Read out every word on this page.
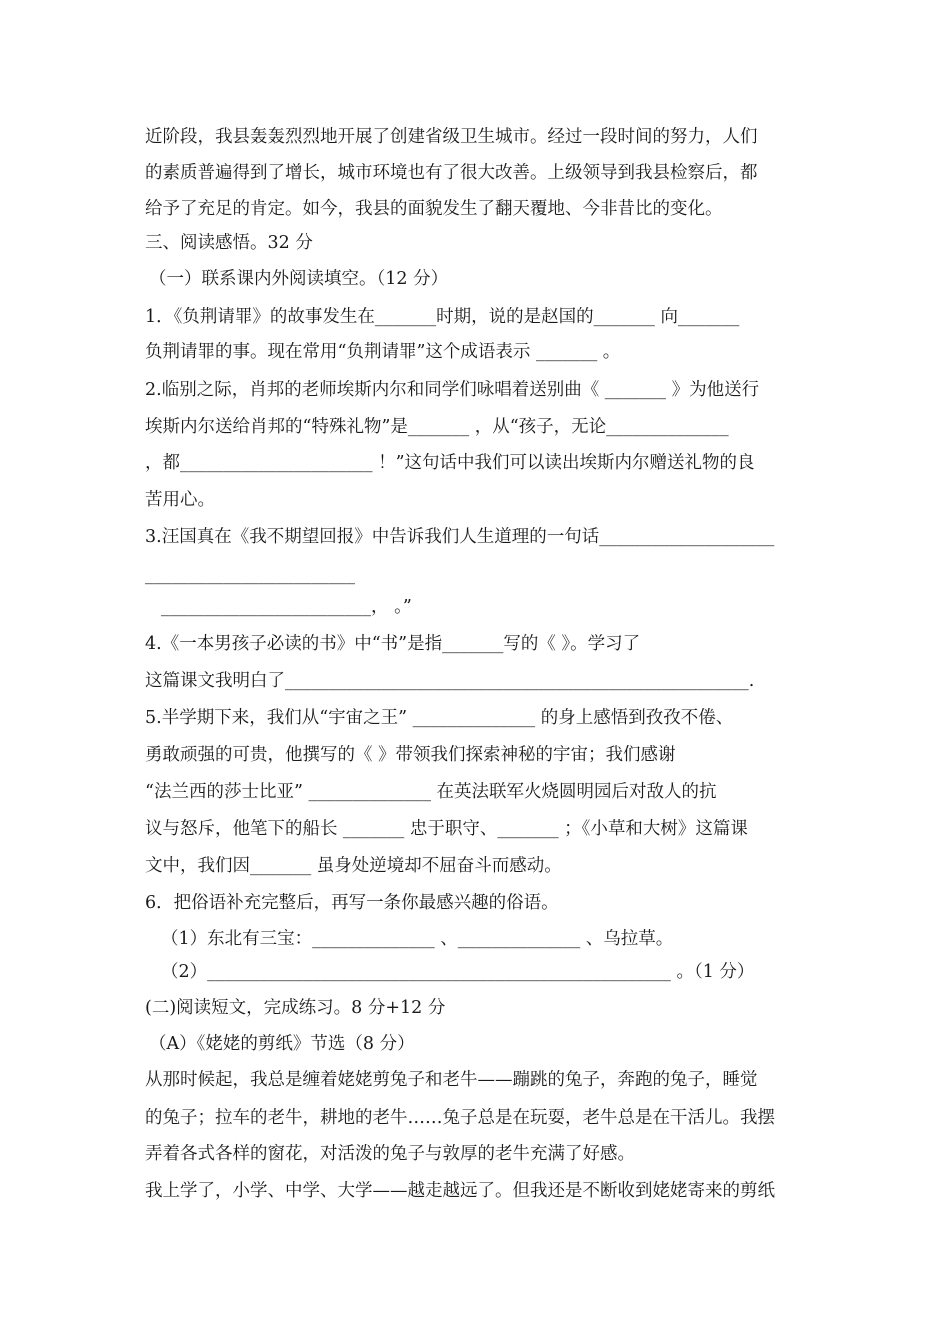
近阶段，我县轰轰烈烈地开展了创建省级卫生城市。经过一段时间的努力，人们
的素质普遍得到了增长，城市环境也有了很大改善。上级领导到我县检察后，都
给予了充足的肯定。如今，我县的面貌发生了翻天覆地、今非昔比的变化。
三、阅读感悟。32 分
（一）联系课内外阅读填空。（12 分）
1．《负荆请罪》的故事发生在_______时期，说的是赵国的_______ 向_______
负荆请罪的事。现在常用“负荆请罪”这个成语表示 _______ 。
2.临别之际，肖邦的老师埃斯内尔和同学们咏唱着送别曲《 _______ 》为他送行
埃斯内尔送给肖邦的“特殊礼物”是_______ ，从“孩子，无论______________
，都______________________ ！”这句话中我们可以读出埃斯内尔赠送礼物的良
苦用心。
3.汪国真在《我不期望回报》中告诉我们人生道理的一句话____________________
________________________
________________________， 。”
4.《一本男孩子必读的书》中“书”是指_______写的《 》。学习了
这篇课文我明白了_____________________________________________________.
5.半学期下来，我们从“宇宙之王” ______________ 的身上感悟到孜孜不倦、
勇敢顽强的可贵，他撰写的《 》带领我们探索神秘的宇宙；我们感谢
“法兰西的莎士比亚” ______________ 在英法联军火烧圆明园后对敌人的抗
议与怒斥，他笔下的船长 _______ 忠于职守、_______ ；《小草和大树》这篇课
文中，我们因_______ 虽身处逆境却不屈奋斗而感动。
6．把俗语补充完整后，再写一条你最感兴趣的俗语。
（1）东北有三宝：______________ 、______________ 、乌拉草。
（2）_____________________________________________________ 。（1 分）
(二)阅读短文，完成练习。8 分+12 分
（A）《姥姥的剪纸》节选（8 分）
从那时候起，我总是缠着姥姥剪兔子和老牛——蹦跳的兔子，奔跑的兔子，睡觉
的兔子；拉车的老牛，耕地的老牛……兔子总是在玩耍，老牛总是在干活儿。我摆
弄着各式各样的窗花，对活泼的兔子与敦厚的老牛充满了好感。
我上学了，小学、中学、大学——越走越远了。但我还是不断收到姥姥寄来的剪纸
